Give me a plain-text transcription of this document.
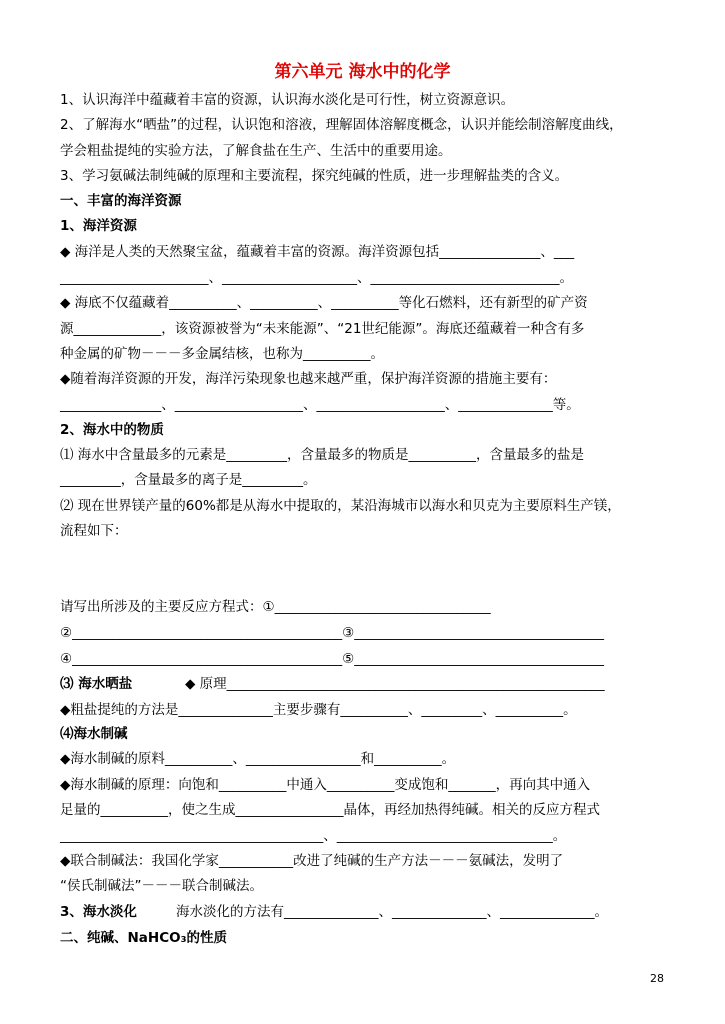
第六单元 海水中的化学
1、认识海洋中蕴藏着丰富的资源，认识海水淡化是可行性，树立资源意识。
2、了解海水“晒盐”的过程，认识饱和溶液，理解固体溶解度概念，认识并能绘制溶解度曲线，
学会粗盐提纯的实验方法，了解食盐在生产、生活中的重要用途。
3、学习氨碱法制纯碱的原理和主要流程，探究纯碱的性质，进一步理解盐类的含义。
一、丰富的海洋资源
1、海洋资源
◆ 海洋是人类的天然聚宝盆，蕴藏着丰富的资源。海洋资源包括_______________、___
______________________、____________________、____________________________。
◆ 海底不仅蕴藏着__________、__________、__________等化石燃料，还有新型的矿产资
源_____________，该资源被誉为“未来能源”、“21世纪能源”。海底还蕴藏着一种含有多
种金属的矿物－－－多金属结核，也称为__________。
◆随着海洋资源的开发，海洋污染现象也越来越严重，保护海洋资源的措施主要有：
_______________、___________________、___________________、______________等。
2、海水中的物质
⑴ 海水中含量最多的元素是_________，含量最多的物质是__________，含量最多的盐是
_________，含量最多的离子是_________。
⑵ 现在世界镁产量的60%都是从海水中提取的，某沿海城市以海水和贝克为主要原料生产镁，
流程如下：
请写出所涉及的主要反应方程式：①________________________________
②________________________________________③_____________________________________
④________________________________________⑤_____________________________________
⑶ 海水晒盐	◆ 原理________________________________________________________
◆粗盐提纯的方法是______________主要步骤有__________、_________、__________。
⑷海水制碱
◆海水制碱的原料__________、_________________和__________。
◆海水制碱的原理：向饱和__________中通入__________变成饱和_______，再向其中通入
足量的__________，使之生成________________晶体，再经加热得纯碱。相关的反应方程式
_______________________________________、________________________________。
◆联合制碱法：我国化学家___________改进了纯碱的生产方法－－－氨碱法，发明了
“侯氏制碱法”－－－联合制碱法。
3、海水淡化	海水淡化的方法有______________、______________、______________。
二、纯碱、NaHCO₃的性质
28
